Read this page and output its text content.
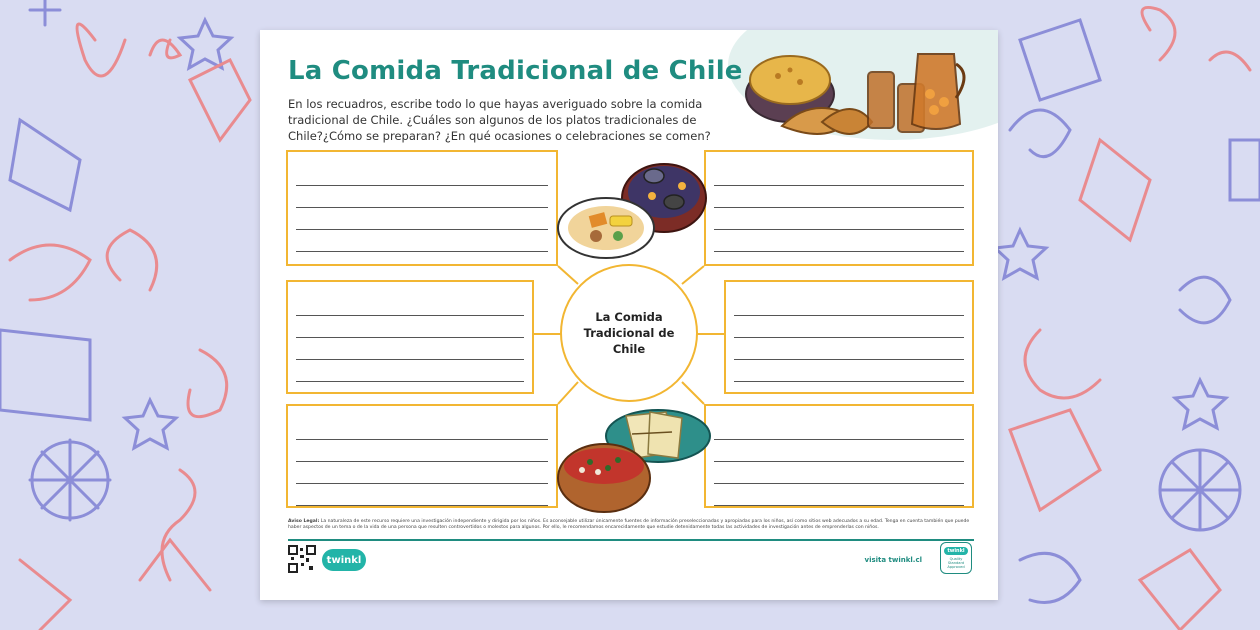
La Comida Tradicional de Chile
En los recuadros, escribe todo lo que hayas averiguado sobre la comida tradicional de Chile. ¿Cuáles son algunos de los platos tradicionales de Chile?¿Cómo se preparan? ¿En qué ocasiones o celebraciones se comen?
La Comida
Tradicional de Chile
Aviso Legal: La naturaleza de este recurso requiere una investigación independiente y dirigida por los niños. Es aconsejable utilizar únicamente fuentes de información preseleccionadas y apropiadas para los niños, así como sitios web adecuados a su edad. Tenga en cuenta también que puede haber aspectos de un tema o de la vida de una persona que resulten controvertidos o molestos para algunos. Por ello, le recomendamos encarecidamente que estudie detenidamente todas las actividades de investigación antes de emprenderlas con niños.
twinkl	visita twinkl.cl
twinkl
Quality Standard Approved
